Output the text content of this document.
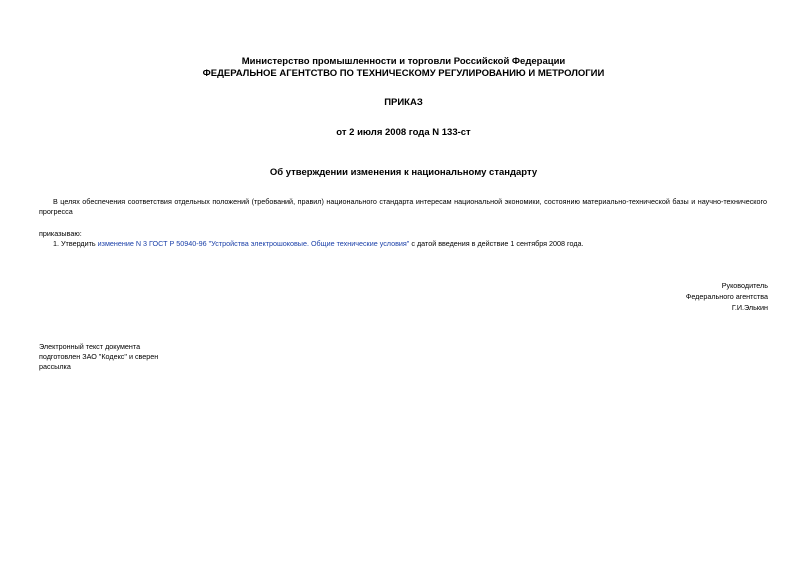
Министерство промышленности и торговли Российской Федерации
ФЕДЕРАЛЬНОЕ АГЕНТСТВО ПО ТЕХНИЧЕСКОМУ РЕГУЛИРОВАНИЮ И МЕТРОЛОГИИ
ПРИКАЗ
от 2 июля 2008 года N 133-ст
Об утверждении изменения к национальному стандарту
В целях обеспечения соответствия отдельных положений (требований, правил) национального стандарта интересам национальной экономики, состоянию материально-технической базы и научно-технического прогресса
приказываю:
1. Утвердить изменение N 3 ГОСТ Р 50940-96 "Устройства электрошоковые. Общие технические условия" с датой введения в действие 1 сентября 2008 года.
Руководитель
Федерального агентства
Г.И.Элькин
Электронный текст документа
подготовлен ЗАО "Кодекс" и сверен
рассылка
